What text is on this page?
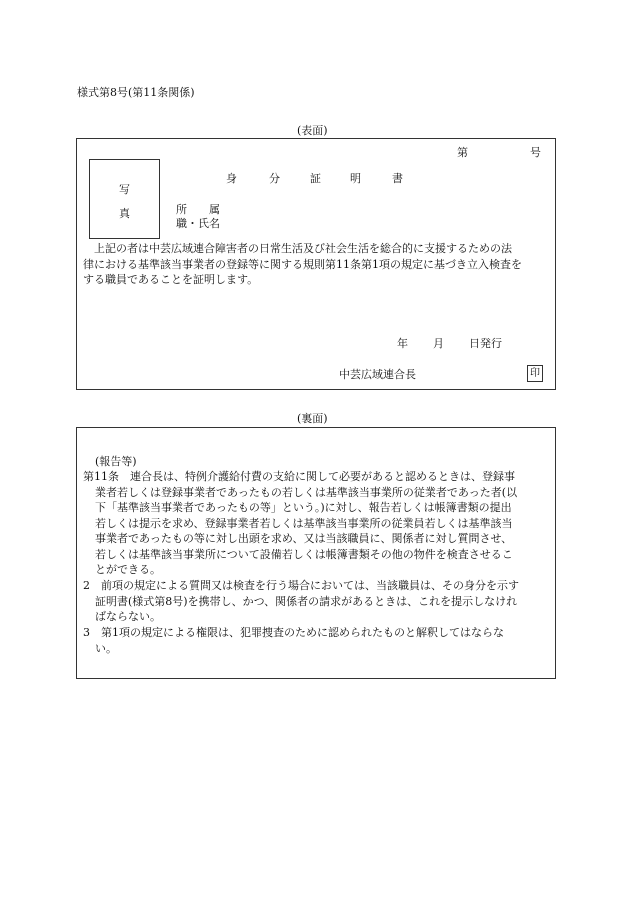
様式第8号(第11条関係)
(表面)
第	号
写
真
身	分	証	明	書
所　　属
職・氏名
　上記の者は中芸広域連合障害者の日常生活及び社会生活を総合的に支援するための法
律における基準該当事業者の登録等に関する規則第11条第1項の規定に基づき立入検査を
する職員であることを証明します。
年 月 日発行
中芸広域連合長	印
(裏面)
(報告等)
第11条　連合長は、特例介護給付費の支給に関して必要があると認めるときは、登録事
業者若しくは登録事業者であったもの若しくは基準該当事業所の従業者であった者(以
下「基準該当事業者であったもの等」という。)に対し、報告若しくは帳簿書類の提出
若しくは提示を求め、登録事業者若しくは基準該当事業所の従業員若しくは基準該当
事業者であったもの等に対し出頭を求め、又は当該職員に、関係者に対し質問させ、
若しくは基準該当事業所について設備若しくは帳簿書類その他の物件を検査させるこ
とができる。
2　前項の規定による質問又は検査を行う場合においては、当該職員は、その身分を示す
証明書(様式第8号)を携帯し、かつ、関係者の請求があるときは、これを提示しなけれ
ばならない。
3　第1項の規定による権限は、犯罪捜査のために認められたものと解釈してはならな
い。
